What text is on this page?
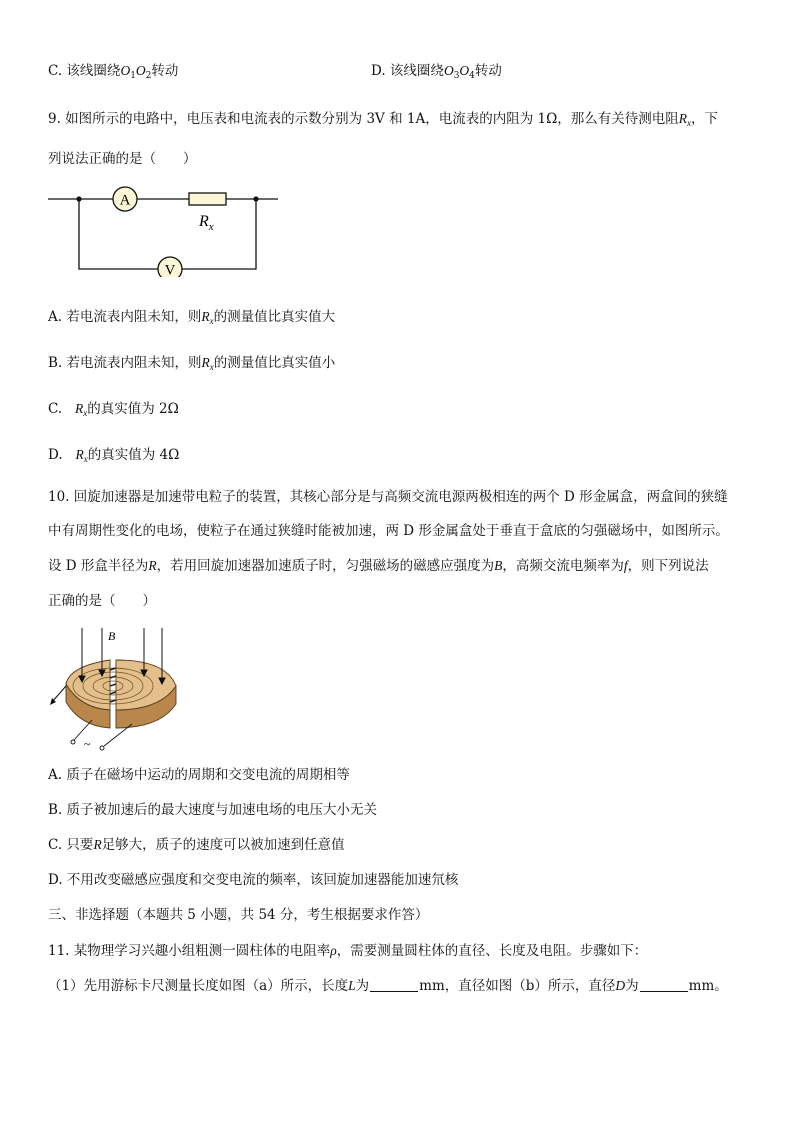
C. 该线圈绕$O_1O_2$转动	D. 该线圈绕$O_3O_4$转动
9. 如图所示的电路中，电压表和电流表的示数分别为 3V 和 1A，电流表的内阻为 1Ω，那么有关待测电阻$R_x$，下
列说法正确的是（　　）
A
$R_x$
V
A. 若电流表内阻未知，则$R_x$的测量值比真实值大
B. 若电流表内阻未知，则$R_x$的测量值比真实值小
C. $R_x$的真实值为 2Ω
D. $R_x$的真实值为 4Ω
10. 回旋加速器是加速带电粒子的装置，其核心部分是与高频交流电源两极相连的两个 D 形金属盒，两盒间的狭缝
中有周期性变化的电场，使粒子在通过狭缝时能被加速，两 D 形金属盒处于垂直于盒底的匀强磁场中，如图所示。
设 D 形盒半径为R，若用回旋加速器加速质子时，匀强磁场的磁感应强度为B，高频交流电频率为f，则下列说法
正确的是（　　）
B
~
A. 质子在磁场中运动的周期和交变电流的周期相等
B. 质子被加速后的最大速度与加速电场的电压大小无关
C. 只要R足够大，质子的速度可以被加速到任意值
D. 不用改变磁感应强度和交变电流的频率，该回旋加速器能加速氘核
三、非选择题（本题共 5 小题，共 54 分，考生根据要求作答）
11. 某物理学习兴趣小组粗测一圆柱体的电阻率ρ，需要测量圆柱体的直径、长度及电阻。步骤如下：
（1）先用游标卡尺测量长度如图（a）所示，长度L为	mm，直径如图（b）所示，直径D为	mm。
